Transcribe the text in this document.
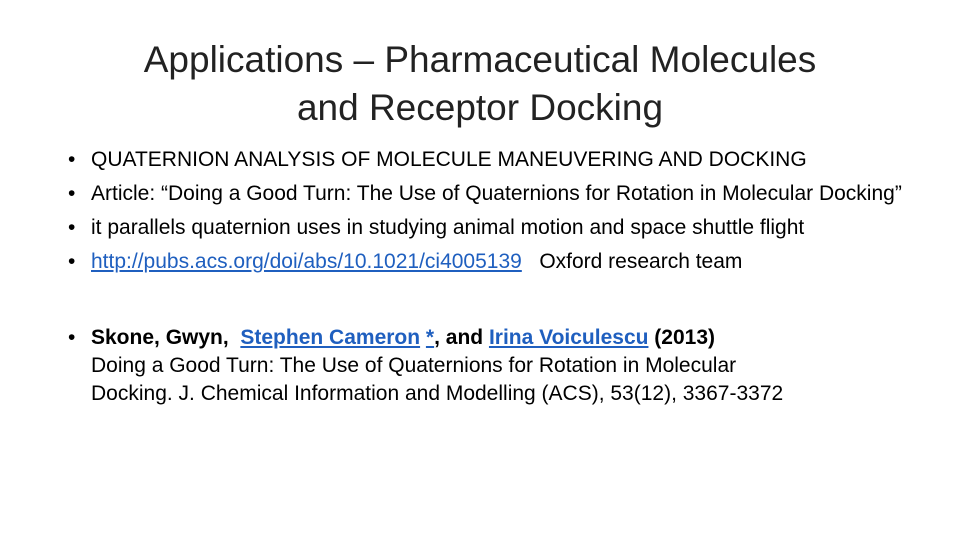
Applications – Pharmaceutical Molecules
and Receptor Docking
• QUATERNION ANALYSIS OF MOLECULE MANEUVERING AND DOCKING
• Article: “Doing a Good Turn: The Use of Quaternions for Rotation in Molecular Docking”
• it parallels quaternion uses in studying animal motion and space shuttle flight
• http://pubs.acs.org/doi/abs/10.1021/ci4005139   Oxford research team
• Skone, Gwyn,  Stephen Cameron *, and Irina Voiculescu (2013)
Doing a Good Turn: The Use of Quaternions for Rotation in Molecular
Docking. J. Chemical Information and Modelling (ACS), 53(12), 3367-3372
